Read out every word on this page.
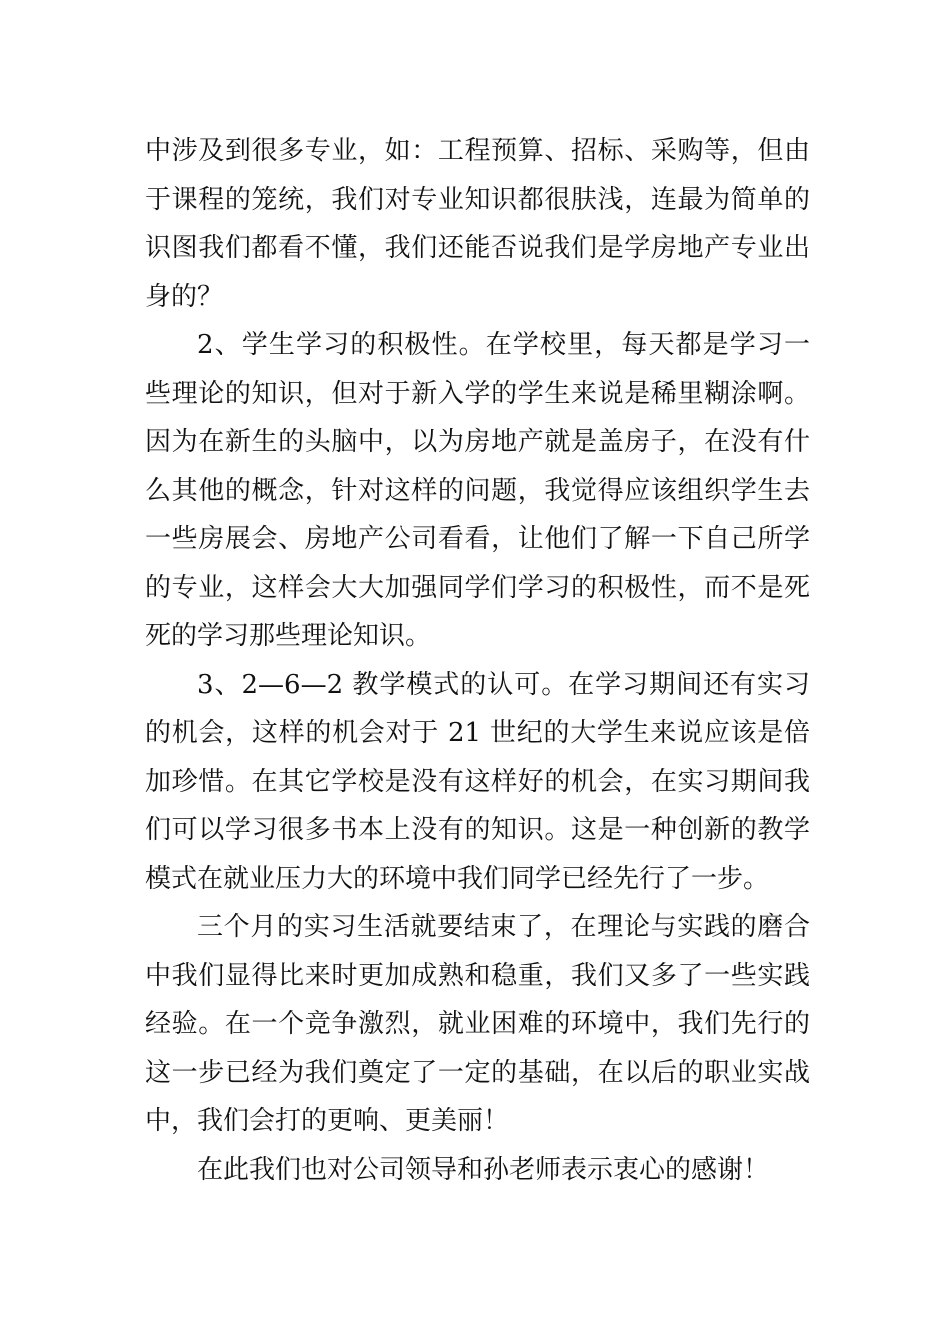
中涉及到很多专业，如：工程预算、招标、采购等，但由于课程的笼统，我们对专业知识都很肤浅，连最为简单的识图我们都看不懂，我们还能否说我们是学房地产专业出身的？

2、学生学习的积极性。在学校里，每天都是学习一些理论的知识，但对于新入学的学生来说是稀里糊涂啊。因为在新生的头脑中，以为房地产就是盖房子，在没有什么其他的概念，针对这样的问题，我觉得应该组织学生去一些房展会、房地产公司看看，让他们了解一下自己所学的专业，这样会大大加强同学们学习的积极性，而不是死死的学习那些理论知识。

3、2—6—2 教学模式的认可。在学习期间还有实习的机会，这样的机会对于 21 世纪的大学生来说应该是倍加珍惜。在其它学校是没有这样好的机会，在实习期间我们可以学习很多书本上没有的知识。这是一种创新的教学模式在就业压力大的环境中我们同学已经先行了一步。

三个月的实习生活就要结束了，在理论与实践的磨合中我们显得比来时更加成熟和稳重，我们又多了一些实践经验。在一个竞争激烈，就业困难的环境中，我们先行的这一步已经为我们奠定了一定的基础，在以后的职业实战中，我们会打的更响、更美丽！

在此我们也对公司领导和孙老师表示衷心的感谢！
